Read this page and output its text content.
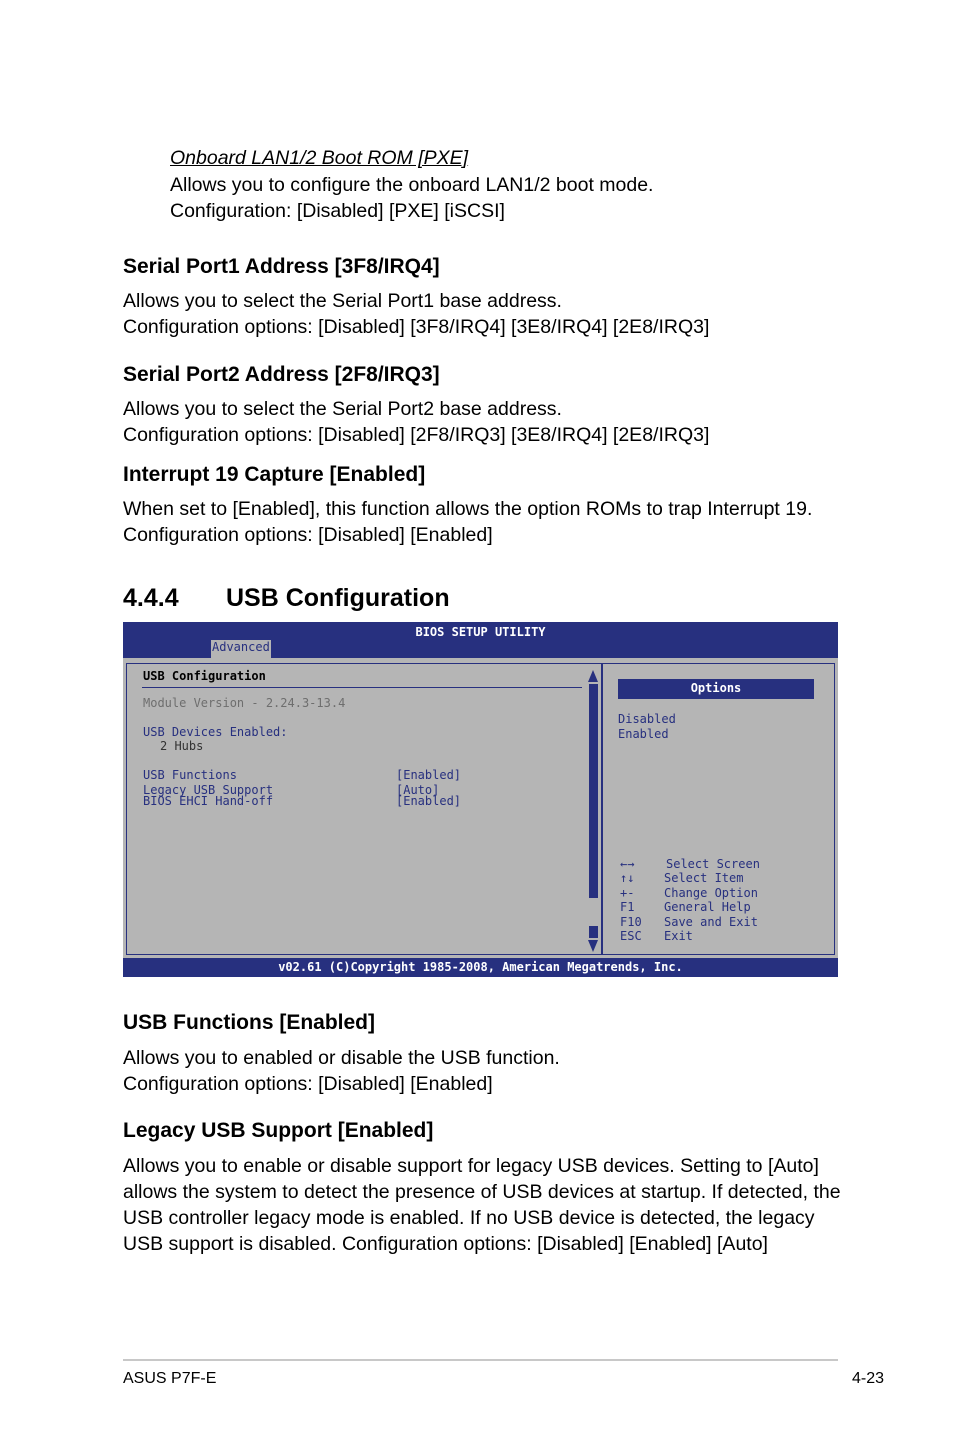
Onboard LAN1/2 Boot ROM [PXE]
Allows you to configure the onboard LAN1/2 boot mode.
Configuration: [Disabled] [PXE] [iSCSI]
Serial Port1 Address [3F8/IRQ4]
Allows you to select the Serial Port1 base address.
Configuration options: [Disabled] [3F8/IRQ4] [3E8/IRQ4] [2E8/IRQ3]
Serial Port2 Address [2F8/IRQ3]
Allows you to select the Serial Port2 base address.
Configuration options: [Disabled] [2F8/IRQ3] [3E8/IRQ4] [2E8/IRQ3]
Interrupt 19 Capture [Enabled]
When set to [Enabled], this function allows the option ROMs to trap Interrupt 19.
Configuration options: [Disabled] [Enabled]
4.4.4 USB Configuration
BIOS SETUP UTILITY
Advanced
USB Configuration
Module Version - 2.24.3-13.4
USB Devices Enabled:
2 Hubs
USB Functions	[Enabled]
Legacy USB Support	[Auto]
BIOS EHCI Hand-off	[Enabled]
Options
Disabled
Enabled
←→	Select Screen
↑↓ Select Item
+- Change Option
F1 General Help
F10 Save and Exit
ESC Exit
v02.61 (C)Copyright 1985-2008, American Megatrends, Inc.
USB Functions [Enabled]
Allows you to enabled or disable the USB function.
Configuration options: [Disabled] [Enabled]
Legacy USB Support [Enabled]
Allows you to enable or disable support for legacy USB devices. Setting to [Auto]
allows the system to detect the presence of USB devices at startup. If detected, the
USB controller legacy mode is enabled. If no USB device is detected, the legacy
USB support is disabled. Configuration options: [Disabled] [Enabled] [Auto]
ASUS P7F-E	4-23
